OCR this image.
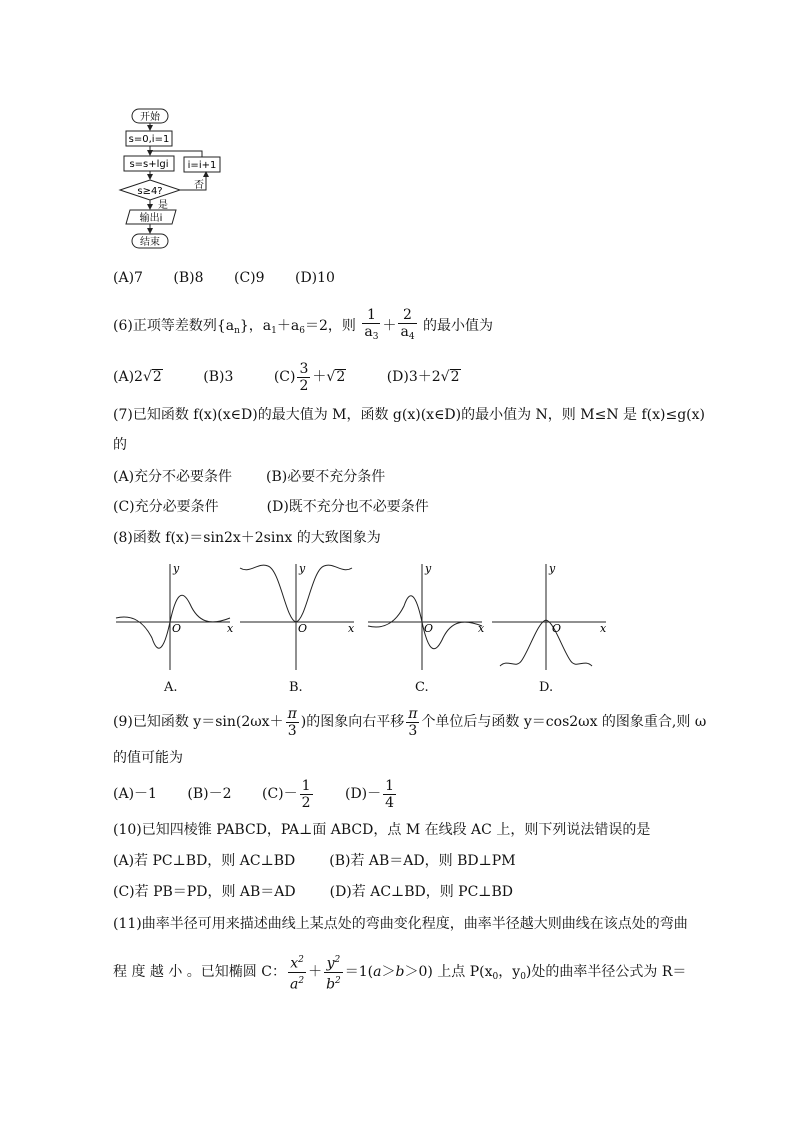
开始
s=0,i=1
s=s+lgi
s≥4?
是
否
i=i+1
输出i
结束
(A)7 (B)8 (C)9 (D)10
(6)正项等差数列$\{a_n\}$，$a_1+a_6=2$，则 $\frac{1}{a_3} + \frac{2}{a_4}$ 的最小值为
(A)2√2	(B)3	$(C) \frac{3}{2} +√2$	(D)3＋2√2
(7)已知函数 f(x)(x∈D)的最大值为 M，函数 g(x)(x∈D)的最小值为 N，则 M≤N 是 f(x)≤g(x)
的
(A)充分不必要条件 (B)必要不充分条件
(C)充分必要条件	(D)既不充分也不必要条件
(8)函数 f(x)＝sin2x＋2sinx 的大致图象为
y
x
O
y
x
O
y
x
O
y
x
O
A.	B.	C.	D.
(9)已知函数 $y=\sin(2\omega x+ \frac{\pi}{3}$ )的图象向右平移 $\frac{\pi}{3}$ 个单位后与函数 y＝cos2ωx 的图象重合,则 ω
的值可能为
(A)－1 (B)－2 $(C)- \frac{1}{2} (D)- \frac{1}{4}$
(10)已知四棱锥 PABCD，PA⊥面 ABCD，点 M 在线段 AC 上，则下列说法错误的是
(A)若 PC⊥BD，则 AC⊥BD (B)若 AB＝AD，则 BD⊥PM
(C)若 PB＝PD，则 AB＝AD (D)若 AC⊥BD，则 PC⊥BD
(11)曲率半径可用来描述曲线上某点处的弯曲变化程度，曲率半径越大则曲线在该点处的弯曲
程 度 越 小 。已知椭圆 C： $\frac{x^2}{a^2} + \frac{y^2}{b^2} =1(a>b>0)$ 上点 $P(x_0$，$y_0$)处的曲率半径公式为 R＝
